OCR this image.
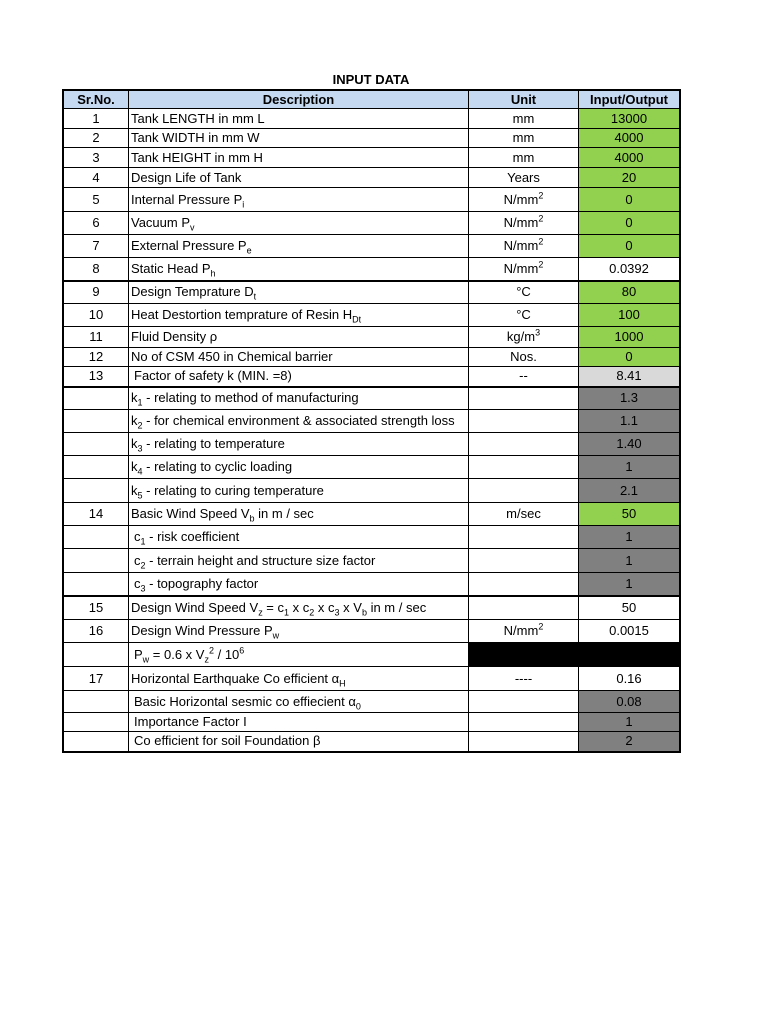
INPUT DATA
Sr.No.	Description	Unit	Input/Output
1	Tank LENGTH in mm L	mm	13000
2	Tank WIDTH in mm W	mm	4000
3	Tank HEIGHT in mm H	mm	4000
4	Design Life of Tank	Years	20
5	Internal Pressure $P_i$	$N/mm^2$	0
6	Vacuum $P_v$	$N/mm^2$	0
7	External Pressure $P_e$	$N/mm^2$	0
8	Static Head $P_h$	$N/mm^2$	0.0392
9	Design Temprature $D_t$	°C	80
10	Heat Destortion temprature of Resin $H_{Dt}$	°C	100
11	Fluid Density ρ	$kg/m^3$	1000
12	No of CSM 450 in Chemical barrier	Nos.	0
13	Factor of safety k (MIN. =8)	--	8.41
	$k_1$ - relating to method of manufacturing		1.3
	$k_2$ - for chemical environment & associated strength loss		1.1
	$k_3$ - relating to temperature		1.40
	$k_4$ - relating to cyclic loading		1
	$k_5$ - relating to curing temperature		2.1
14	Basic Wind Speed $V_b$ in m / sec	m/sec	50
	$c_1$ - risk coefficient		1
	$c_2$ - terrain height and structure size factor		1
	$c_3$ - topography factor		1
15	Design Wind Speed $V_z = c_1$ x $c_2$ x $c_3$ x $V_b$ in m / sec		50
16	Design Wind Pressure $P_w$	$N/mm^2$	0.0015
	$P_w = 0.6$ x $V_z^2 / 10^6$		
17	Horizontal Earthquake Co efficient $\alpha_H$	----	0.16
	Basic Horizontal sesmic co effiecient $\alpha_0$		0.08
	Importance Factor I		1
	Co efficient for soil Foundation β		2
